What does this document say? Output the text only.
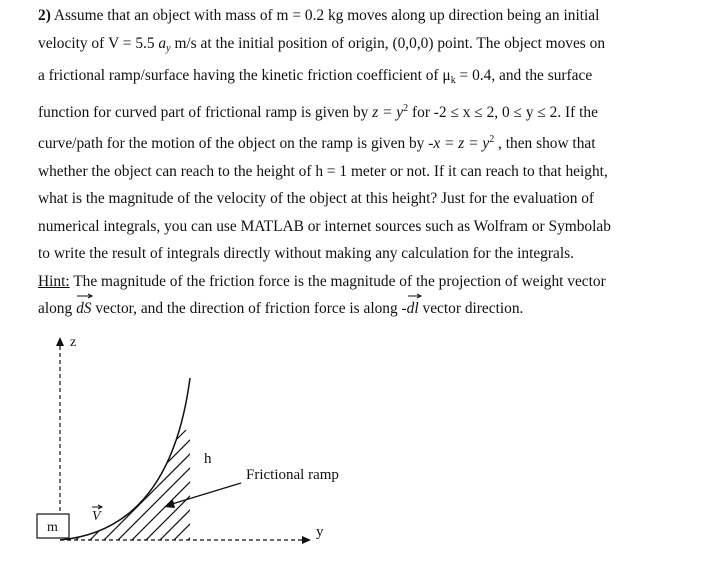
2) Assume that an object with mass of m = 0.2 kg moves along up direction being an initial

velocity of V = 5.5 $a_y$ m/s at the initial position of origin, (0,0,0) point. The object moves on

a frictional ramp/surface having the kinetic friction coefficient of $\mu_k = 0.4$, and the surface

function for curved part of frictional ramp is given by $z = y^2$ for -2 ≤ x ≤ 2, 0 ≤ y ≤ 2. If the

curve/path for the motion of the object on the ramp is given by $-x = z = y^2$ , then show that

whether the object can reach to the height of h = 1 meter or not. If it can reach to that height,

what is the magnitude of the velocity of the object at this height? Just for the evaluation of

numerical integrals, you can use MATLAB or internet sources such as Wolfram or Symbolab

to write the result of integrals directly without making any calculation for the integrals.

Hint: The magnitude of the friction force is the magnitude of the projection of weight vector

along dS vector, and the direction of friction force is along -dl vector direction.

z
y
h
Frictional ramp
m
V
